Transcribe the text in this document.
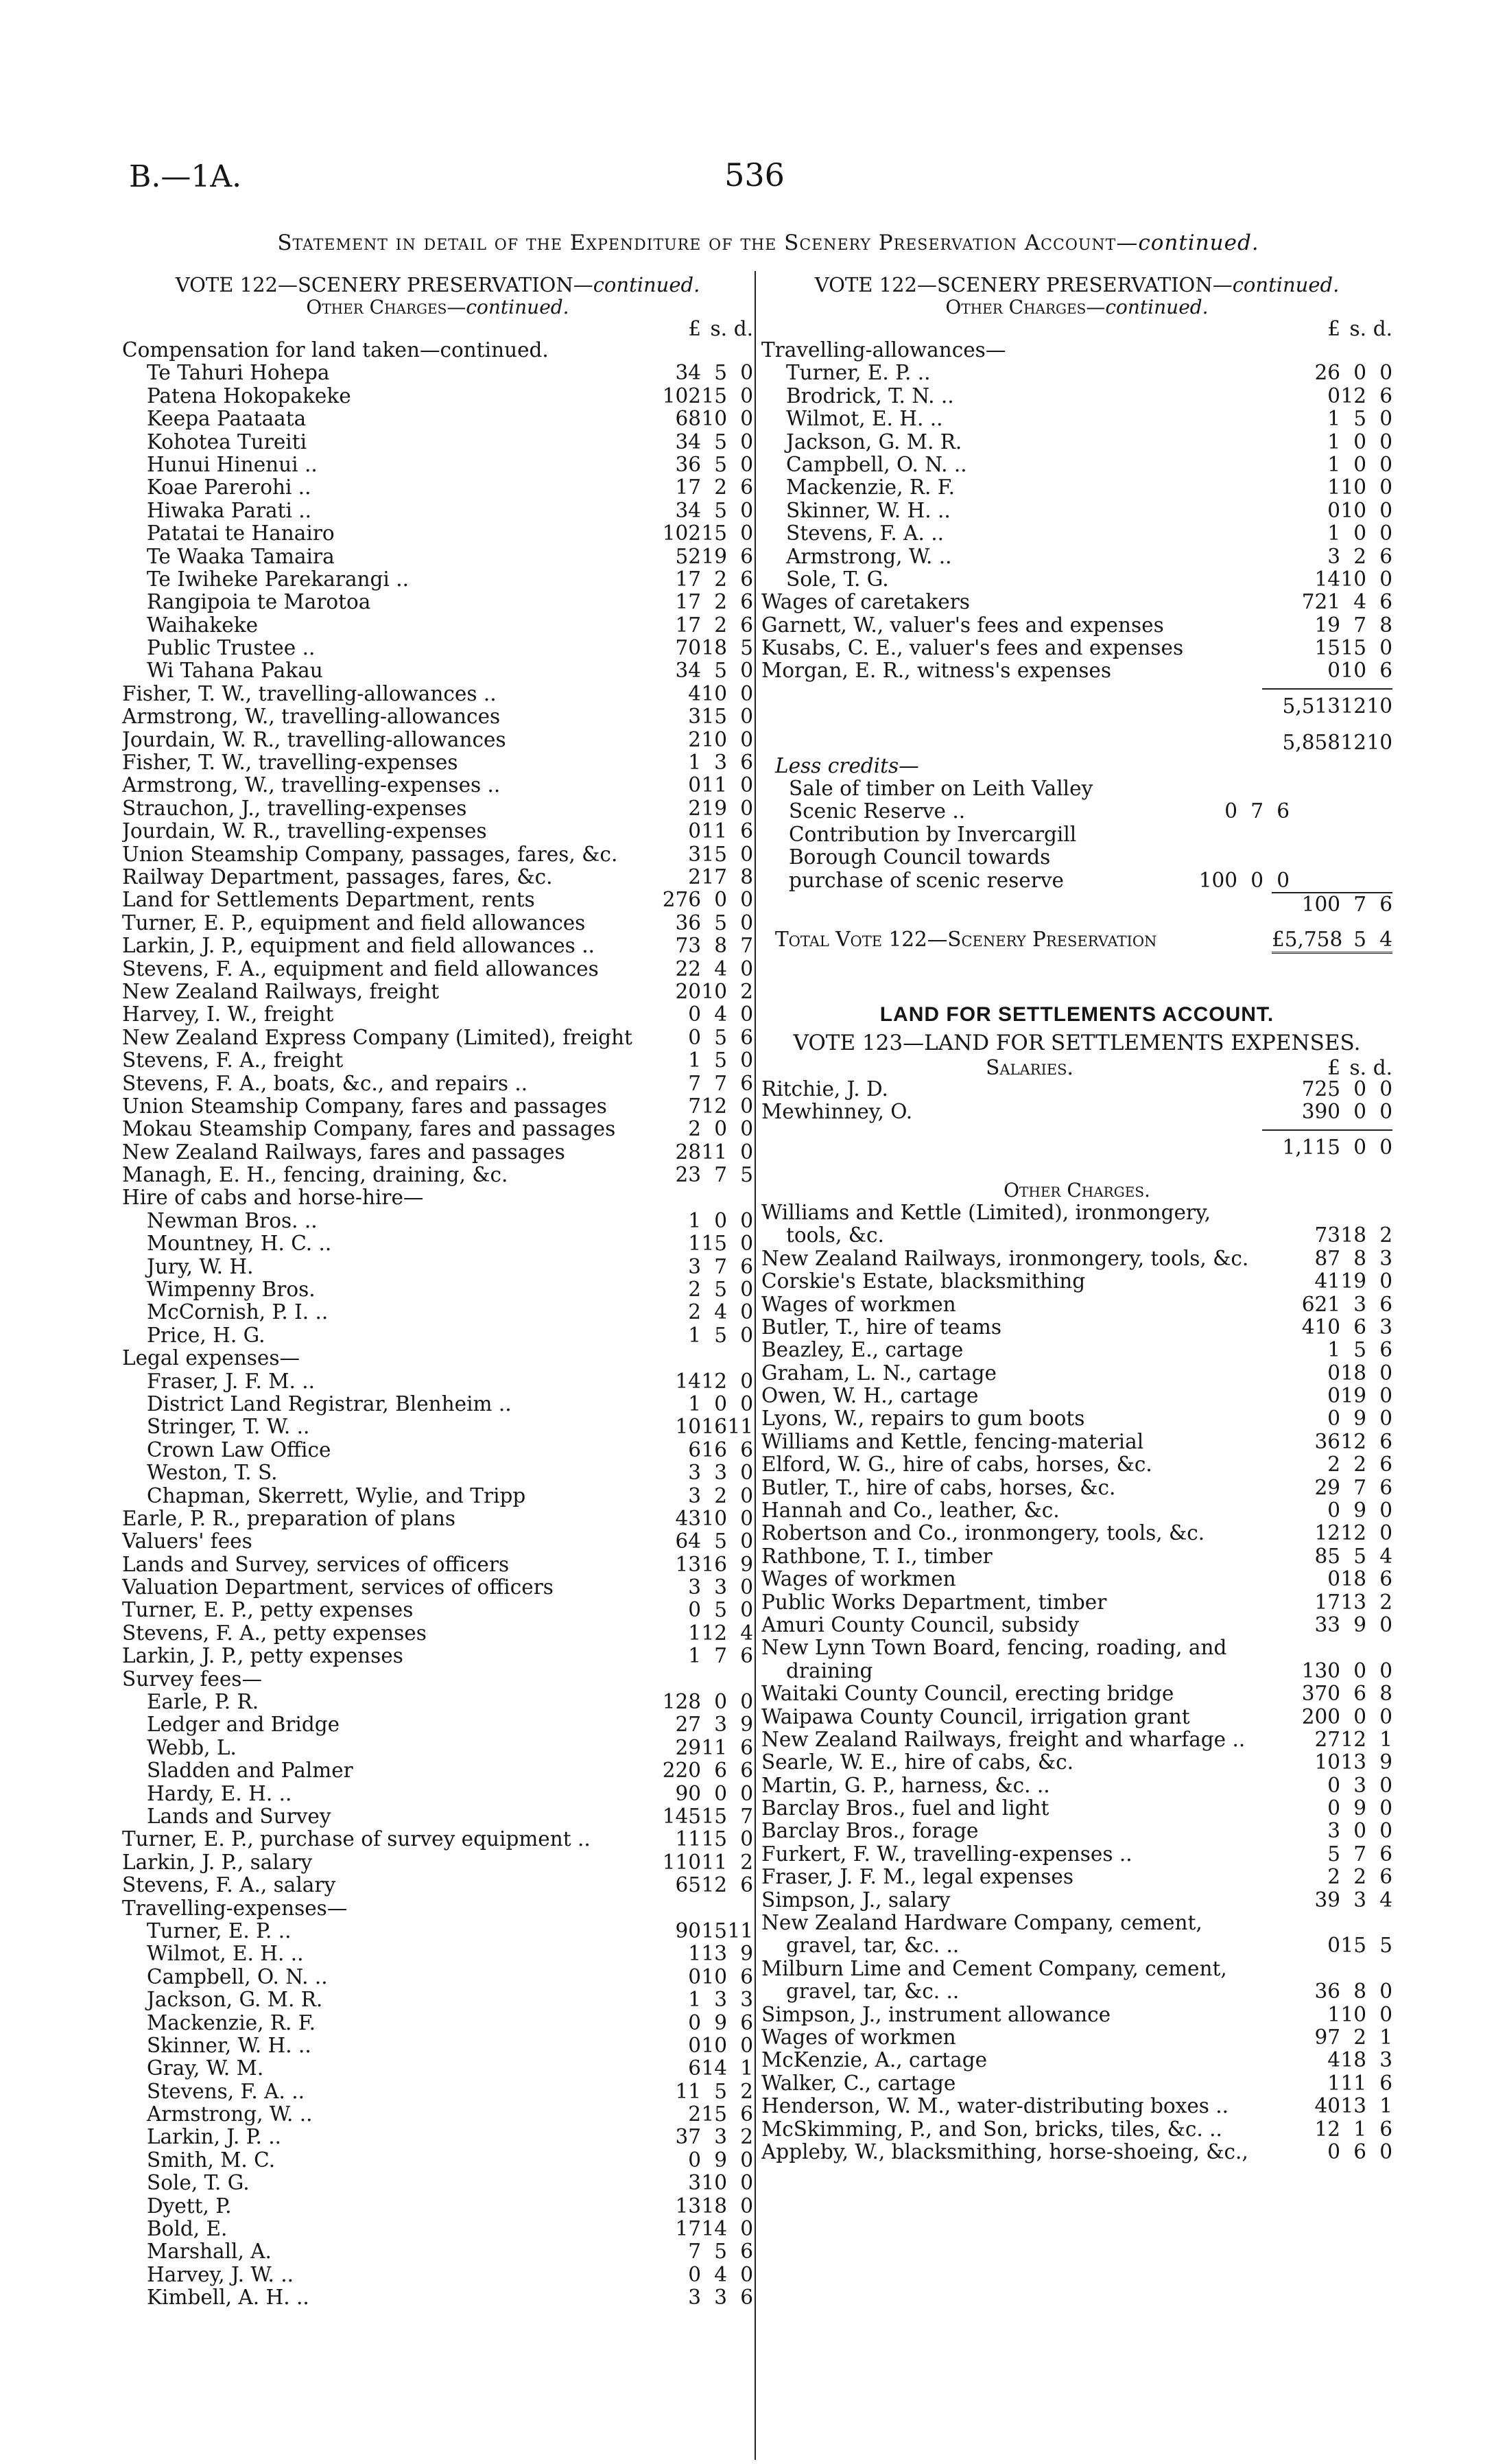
B.—1A.	536
Statement in detail of the Expenditure of the Scenery Preservation Account—continued.
VOTE 122—SCENERY PRESERVATION—continued.
Other Charges—continued.
£ s. d.
Compensation for land taken—continued.
Te Tahuri Hohepa	34 5 0
Patena Hokopakeke	102 15 0
Keepa Paataata	68 10 0
Kohotea Tureiti	34 5 0
Hunui Hinenui ..	36 5 0
Koae Parerohi ..	17 2 6
Hiwaka Parati ..	34 5 0
Patatai te Hanairo	102 15 0
Te Waaka Tamaira	52 19 6
Te Iwiheke Parekarangi ..	17 2 6
Rangipoia te Marotoa	17 2 6
Waihakeke	17 2 6
Public Trustee ..	70 18 5
Wi Tahana Pakau	34 5 0
Fisher, T. W., travelling-allowances ..	4 10 0
Armstrong, W., travelling-allowances	3 15 0
Jourdain, W. R., travelling-allowances	2 10 0
Fisher, T. W., travelling-expenses	1 3 6
Armstrong, W., travelling-expenses ..	0 11 0
Strauchon, J., travelling-expenses	2 19 0
Jourdain, W. R., travelling-expenses	0 11 6
Union Steamship Company, passages, fares, &c.	3 15 0
Railway Department, passages, fares, &c.	2 17 8
Land for Settlements Department, rents	276 0 0
Turner, E. P., equipment and field allowances	36 5 0
Larkin, J. P., equipment and field allowances ..	73 8 7
Stevens, F. A., equipment and field allowances	22 4 0
New Zealand Railways, freight	20 10 2
Harvey, I. W., freight	0 4 0
New Zealand Express Company (Limited), freight	0 5 6
Stevens, F. A., freight	1 5 0
Stevens, F. A., boats, &c., and repairs ..	7 7 6
Union Steamship Company, fares and passages	7 12 0
Mokau Steamship Company, fares and passages	2 0 0
New Zealand Railways, fares and passages	28 11 0
Managh, E. H., fencing, draining, &c.	23 7 5
Hire of cabs and horse-hire—
Newman Bros. ..	1 0 0
Mountney, H. C. ..	1 15 0
Jury, W. H.	3 7 6
Wimpenny Bros.	2 5 0
McCornish, P. I. ..	2 4 0
Price, H. G.	1 5 0
Legal expenses—
Fraser, J. F. M. ..	14 12 0
District Land Registrar, Blenheim ..	1 0 0
Stringer, T. W. ..	10 16 11
Crown Law Office	6 16 6
Weston, T. S.	3 3 0
Chapman, Skerrett, Wylie, and Tripp	3 2 0
Earle, P. R., preparation of plans	43 10 0
Valuers' fees	64 5 0
Lands and Survey, services of officers	13 16 9
Valuation Department, services of officers	3 3 0
Turner, E. P., petty expenses	0 5 0
Stevens, F. A., petty expenses	1 12 4
Larkin, J. P., petty expenses	1 7 6
Survey fees—
Earle, P. R.	128 0 0
Ledger and Bridge	27 3 9
Webb, L.	29 11 6
Sladden and Palmer	220 6 6
Hardy, E. H. ..	90 0 0
Lands and Survey	145 15 7
Turner, E. P., purchase of survey equipment ..	11 15 0
Larkin, J. P., salary	110 11 2
Stevens, F. A., salary	65 12 6
Travelling-expenses—
Turner, E. P. ..	90 15 11
Wilmot, E. H. ..	1 13 9
Campbell, O. N. ..	0 10 6
Jackson, G. M. R.	1 3 3
Mackenzie, R. F.	0 9 6
Skinner, W. H. ..	0 10 0
Gray, W. M.	6 14 1
Stevens, F. A. ..	11 5 2
Armstrong, W. ..	2 15 6
Larkin, J. P. ..	37 3 2
Smith, M. C.	0 9 0
Sole, T. G.	3 10 0
Dyett, P.	13 18 0
Bold, E.	17 14 0
Marshall, A.	7 5 6
Harvey, J. W. ..	0 4 0
Kimbell, A. H. ..	3 3 6
VOTE 122—SCENERY PRESERVATION—continued.
Other Charges—continued.
£ s. d.
Travelling-allowances—
Turner, E. P. ..	26 0 0
Brodrick, T. N. ..	0 12 6
Wilmot, E. H. ..	1 5 0
Jackson, G. M. R.	1 0 0
Campbell, O. N. ..	1 0 0
Mackenzie, R. F.	1 10 0
Skinner, W. H. ..	0 10 0
Stevens, F. A. ..	1 0 0
Armstrong, W. ..	3 2 6
Sole, T. G.	14 10 0
Wages of caretakers	721 4 6
Garnett, W., valuer's fees and expenses	19 7 8
Kusabs, C. E., valuer's fees and expenses	15 15 0
Morgan, E. R., witness's expenses	0 10 6
5,513 12 10
5,858 12 10
Less credits—
Sale of timber on Leith Valley
Scenic Reserve ..	0 7 6
Contribution by Invercargill
Borough Council towards
purchase of scenic reserve	100 0 0
100 7 6
Total Vote 122—Scenery Preservation	£5,758 5 4
LAND FOR SETTLEMENTS ACCOUNT.
VOTE 123—LAND FOR SETTLEMENTS EXPENSES.
Salaries.	£ s. d.
Ritchie, J. D.	725 0 0
Mewhinney, O.	390 0 0
1,115 0 0
Other Charges.
Williams and Kettle (Limited), ironmongery,
tools, &c.	73 18 2
New Zealand Railways, ironmongery, tools, &c.	87 8 3
Corskie's Estate, blacksmithing	41 19 0
Wages of workmen	621 3 6
Butler, T., hire of teams	410 6 3
Beazley, E., cartage	1 5 6
Graham, L. N., cartage	0 18 0
Owen, W. H., cartage	0 19 0
Lyons, W., repairs to gum boots	0 9 0
Williams and Kettle, fencing-material	36 12 6
Elford, W. G., hire of cabs, horses, &c.	2 2 6
Butler, T., hire of cabs, horses, &c.	29 7 6
Hannah and Co., leather, &c.	0 9 0
Robertson and Co., ironmongery, tools, &c.	12 12 0
Rathbone, T. I., timber	85 5 4
Wages of workmen	0 18 6
Public Works Department, timber	17 13 2
Amuri County Council, subsidy	33 9 0
New Lynn Town Board, fencing, roading, and
draining	130 0 0
Waitaki County Council, erecting bridge	370 6 8
Waipawa County Council, irrigation grant	200 0 0
New Zealand Railways, freight and wharfage ..	27 12 1
Searle, W. E., hire of cabs, &c.	10 13 9
Martin, G. P., harness, &c. ..	0 3 0
Barclay Bros., fuel and light	0 9 0
Barclay Bros., forage	3 0 0
Furkert, F. W., travelling-expenses ..	5 7 6
Fraser, J. F. M., legal expenses	2 2 6
Simpson, J., salary	39 3 4
New Zealand Hardware Company, cement,
gravel, tar, &c. ..	0 15 5
Milburn Lime and Cement Company, cement,
gravel, tar, &c. ..	36 8 0
Simpson, J., instrument allowance	1 10 0
Wages of workmen	97 2 1
McKenzie, A., cartage	4 18 3
Walker, C., cartage	1 11 6
Henderson, W. M., water-distributing boxes ..	40 13 1
McSkimming, P., and Son, bricks, tiles, &c. ..	12 1 6
Appleby, W., blacksmithing, horse-shoeing, &c.,	0 6 0
